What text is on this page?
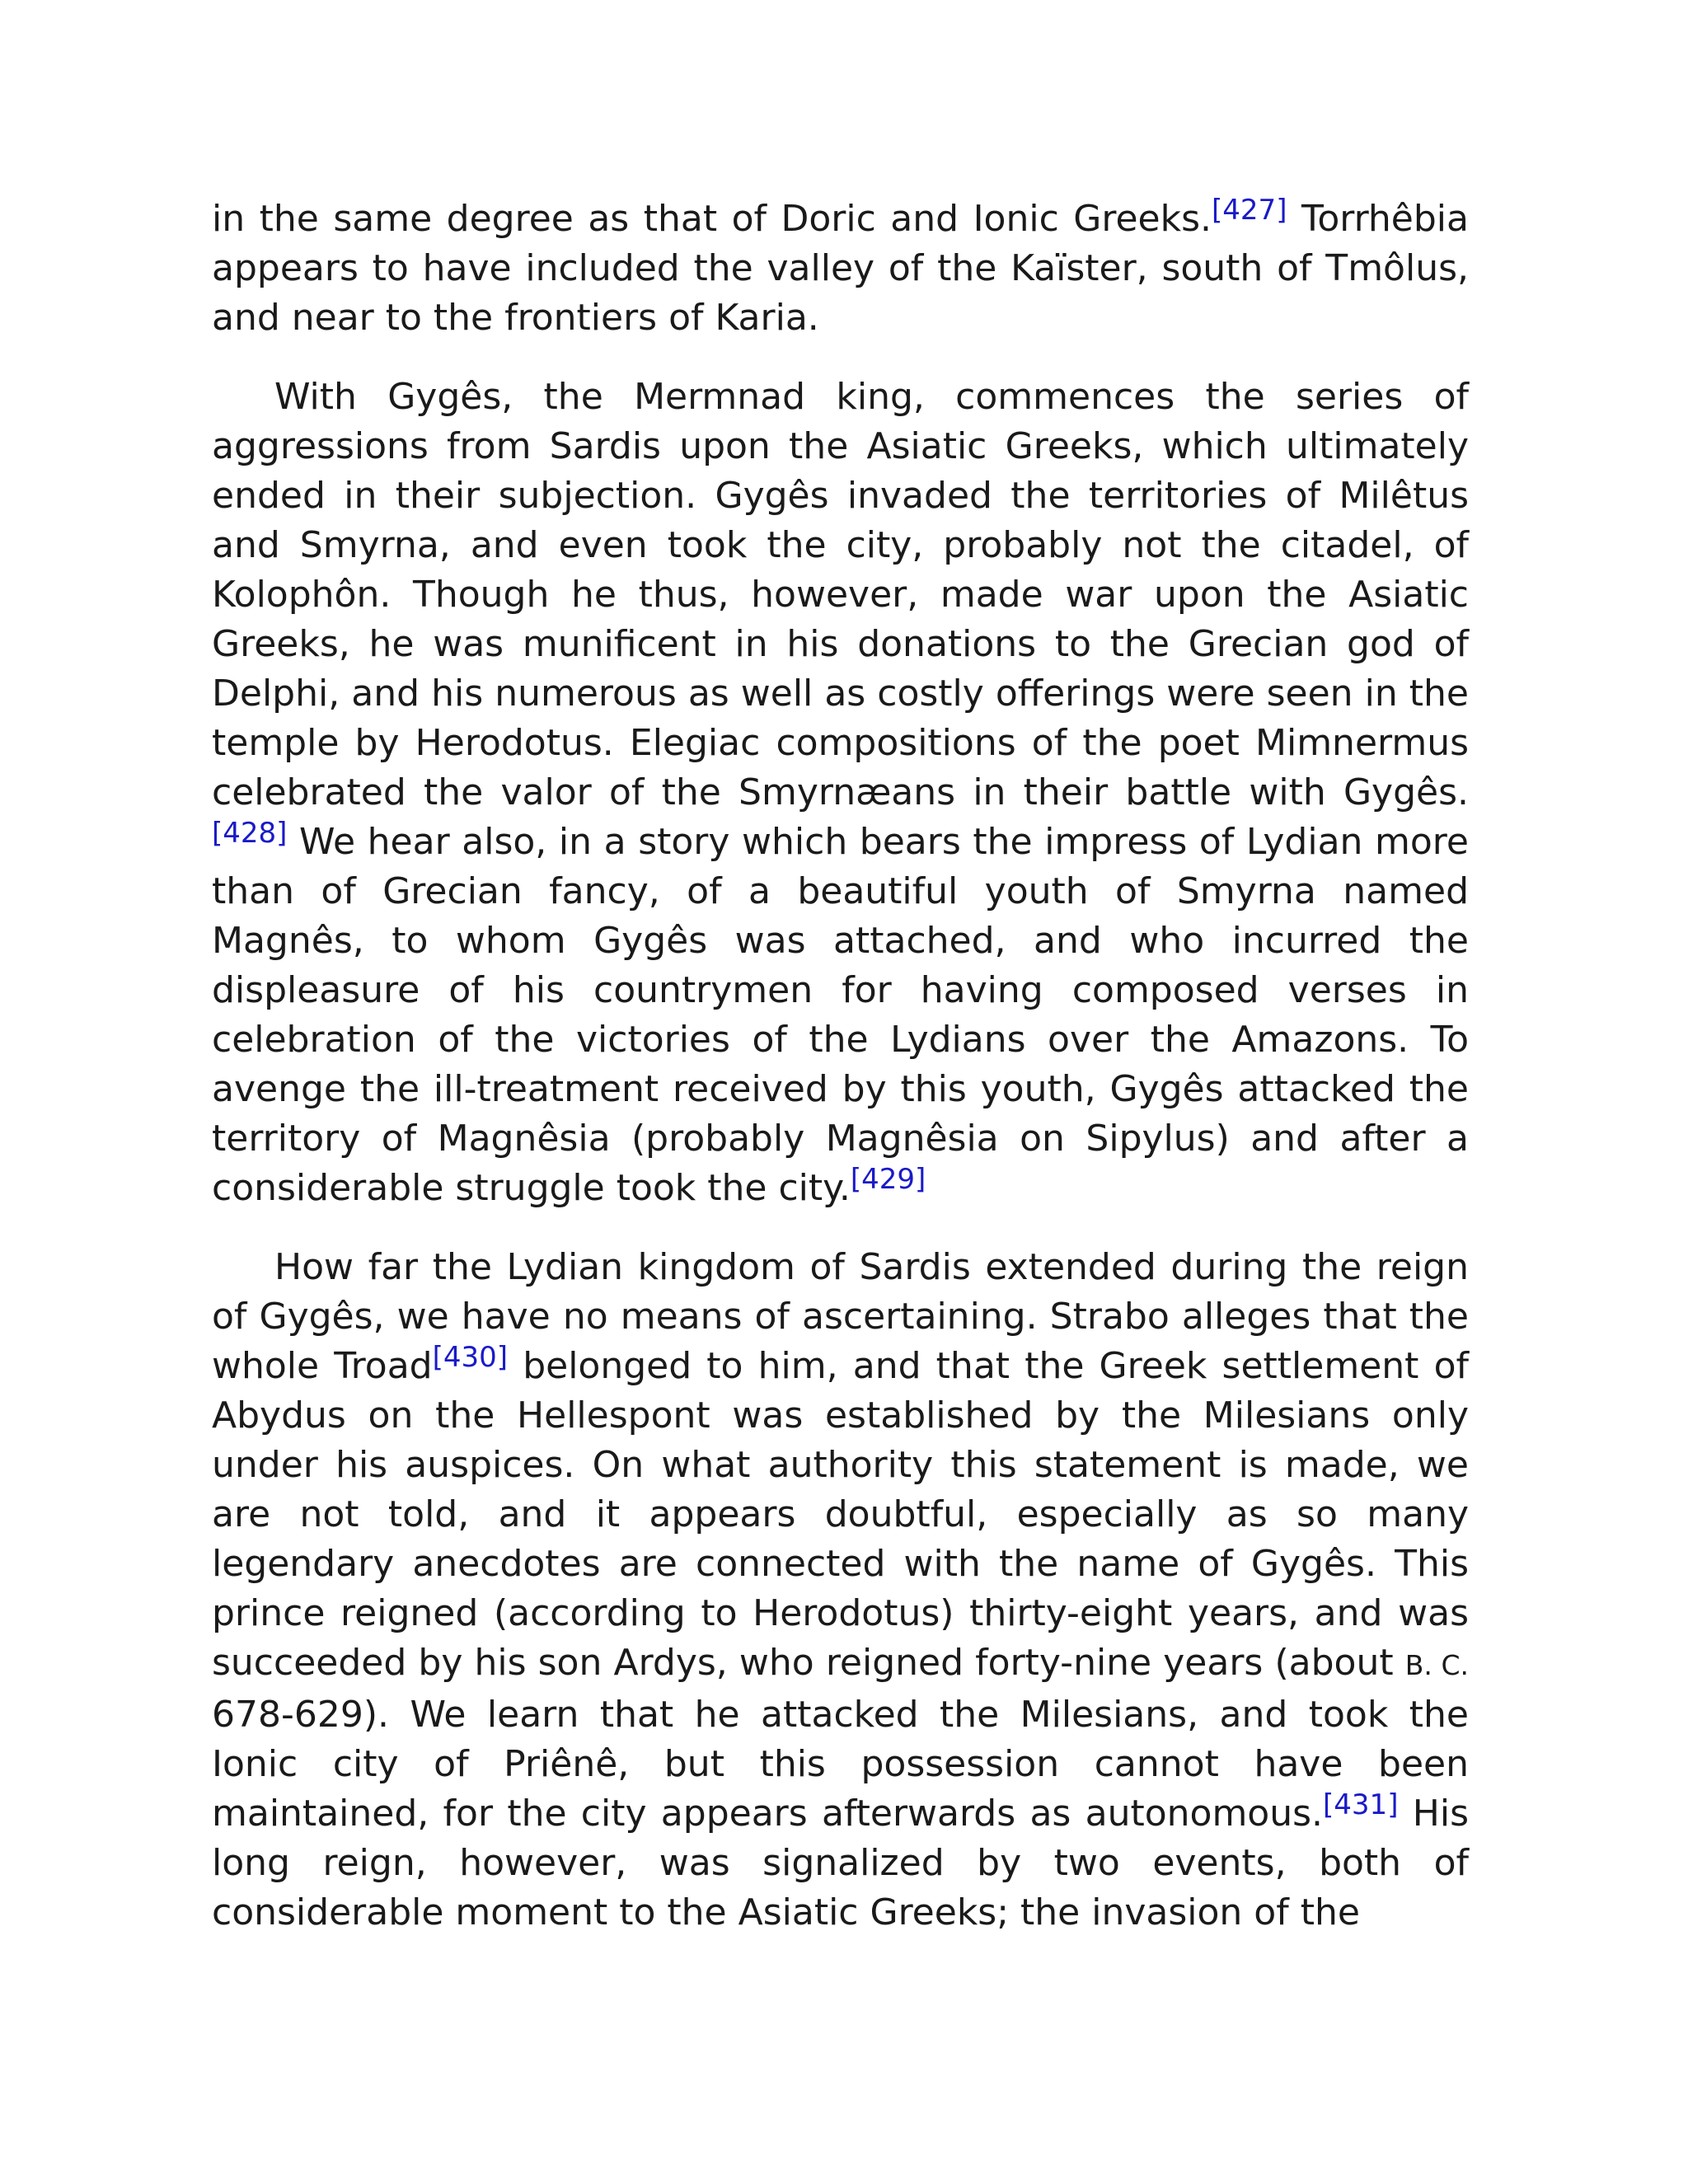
in the same degree as that of Doric and Ionic Greeks.[427] Torrhêbia appears to have included the valley of the Kaïster, south of Tmôlus, and near to the frontiers of Karia.

With Gygês, the Mermnad king, commences the series of aggressions from Sardis upon the Asiatic Greeks, which ultimately ended in their subjection. Gygês invaded the territories of Milêtus and Smyrna, and even took the city, probably not the citadel, of Kolophôn. Though he thus, however, made war upon the Asiatic Greeks, he was munificent in his donations to the Grecian god of Delphi, and his numerous as well as costly offerings were seen in the temple by Herodotus. Elegiac compositions of the poet Mimnermus celebrated the valor of the Smyrnæans in their battle with Gygês.[428] We hear also, in a story which bears the impress of Lydian more than of Grecian fancy, of a beautiful youth of Smyrna named Magnês, to whom Gygês was attached, and who incurred the displeasure of his countrymen for having composed verses in celebration of the victories of the Lydians over the Amazons. To avenge the ill-treatment received by this youth, Gygês attacked the territory of Magnêsia (probably Magnêsia on Sipylus) and after a considerable struggle took the city.[429]

How far the Lydian kingdom of Sardis extended during the reign of Gygês, we have no means of ascertaining. Strabo alleges that the whole Troad[430] belonged to him, and that the Greek settlement of Abydus on the Hellespont was established by the Milesians only under his auspices. On what authority this statement is made, we are not told, and it appears doubtful, especially as so many legendary anecdotes are connected with the name of Gygês. This prince reigned (according to Herodotus) thirty-eight years, and was succeeded by his son Ardys, who reigned forty-nine years (about B. C. 678-629). We learn that he attacked the Milesians, and took the Ionic city of Priênê, but this possession cannot have been maintained, for the city appears afterwards as autonomous.[431] His long reign, however, was signalized by two events, both of considerable moment to the Asiatic Greeks; the invasion of the
